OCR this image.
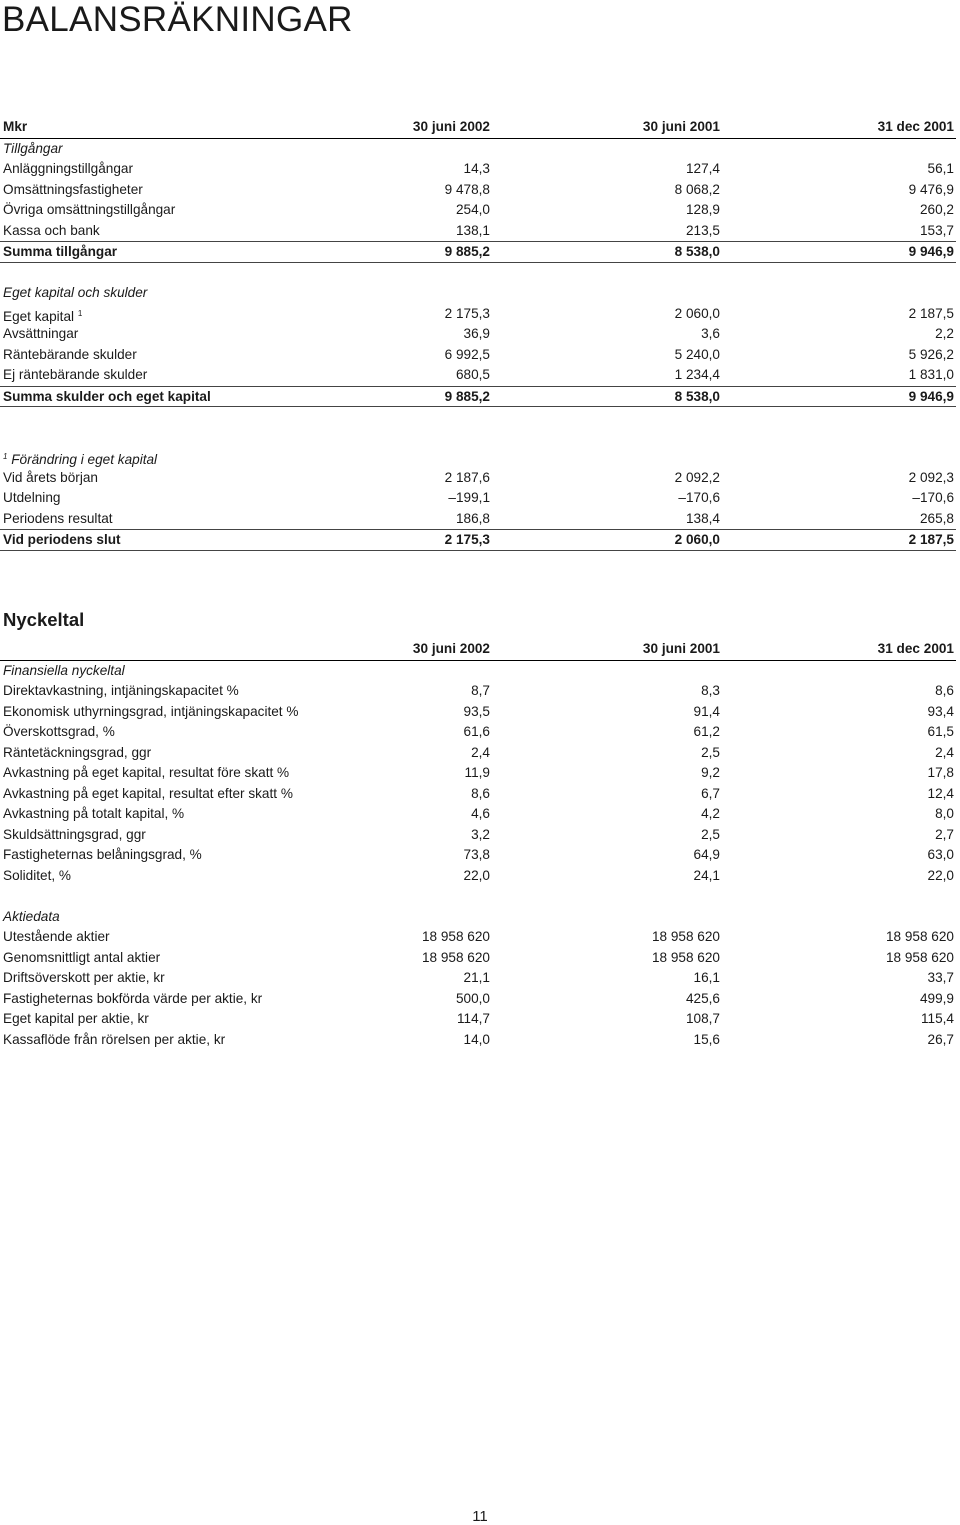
BALANSRÄKNINGAR
Mkr	30 juni 2002	30 juni 2001	31 dec 2001
Tillgångar
Anläggningstillgångar	14,3	127,4	56,1
Omsättningsfastigheter	9 478,8	8 068,2	9 476,9
Övriga omsättningstillgångar	254,0	128,9	260,2
Kassa och bank	138,1	213,5	153,7
Summa tillgångar	9 885,2	8 538,0	9 946,9
Eget kapital och skulder
Eget kapital $^1$	2 175,3	2 060,0	2 187,5
Avsättningar	36,9	3,6	2,2
Räntebärande skulder	6 992,5	5 240,0	5 926,2
Ej räntebärande skulder	680,5	1 234,4	1 831,0
Summa skulder och eget kapital	9 885,2	8 538,0	9 946,9
$^1$ Förändring i eget kapital
Vid årets början	2 187,6	2 092,2	2 092,3
Utdelning	–199,1	–170,6	–170,6
Periodens resultat	186,8	138,4	265,8
Vid periodens slut	2 175,3	2 060,0	2 187,5
Nyckeltal
30 juni 2002	30 juni 2001	31 dec 2001
Finansiella nyckeltal
Direktavkastning, intjäningskapacitet %	8,7	8,3	8,6
Ekonomisk uthyrningsgrad, intjäningskapacitet %	93,5	91,4	93,4
Överskottsgrad, %	61,6	61,2	61,5
Räntetäckningsgrad, ggr	2,4	2,5	2,4
Avkastning på eget kapital, resultat före skatt %	11,9	9,2	17,8
Avkastning på eget kapital, resultat efter skatt %	8,6	6,7	12,4
Avkastning på totalt kapital, %	4,6	4,2	8,0
Skuldsättningsgrad, ggr	3,2	2,5	2,7
Fastigheternas belåningsgrad, %	73,8	64,9	63,0
Soliditet, %	22,0	24,1	22,0
Aktiedata
Utestående aktier	18 958 620	18 958 620	18 958 620
Genomsnittligt antal aktier	18 958 620	18 958 620	18 958 620
Driftsöverskott per aktie, kr	21,1	16,1	33,7
Fastigheternas bokförda värde per aktie, kr	500,0	425,6	499,9
Eget kapital per aktie, kr	114,7	108,7	115,4
Kassaflöde från rörelsen per aktie, kr	14,0	15,6	26,7
11
